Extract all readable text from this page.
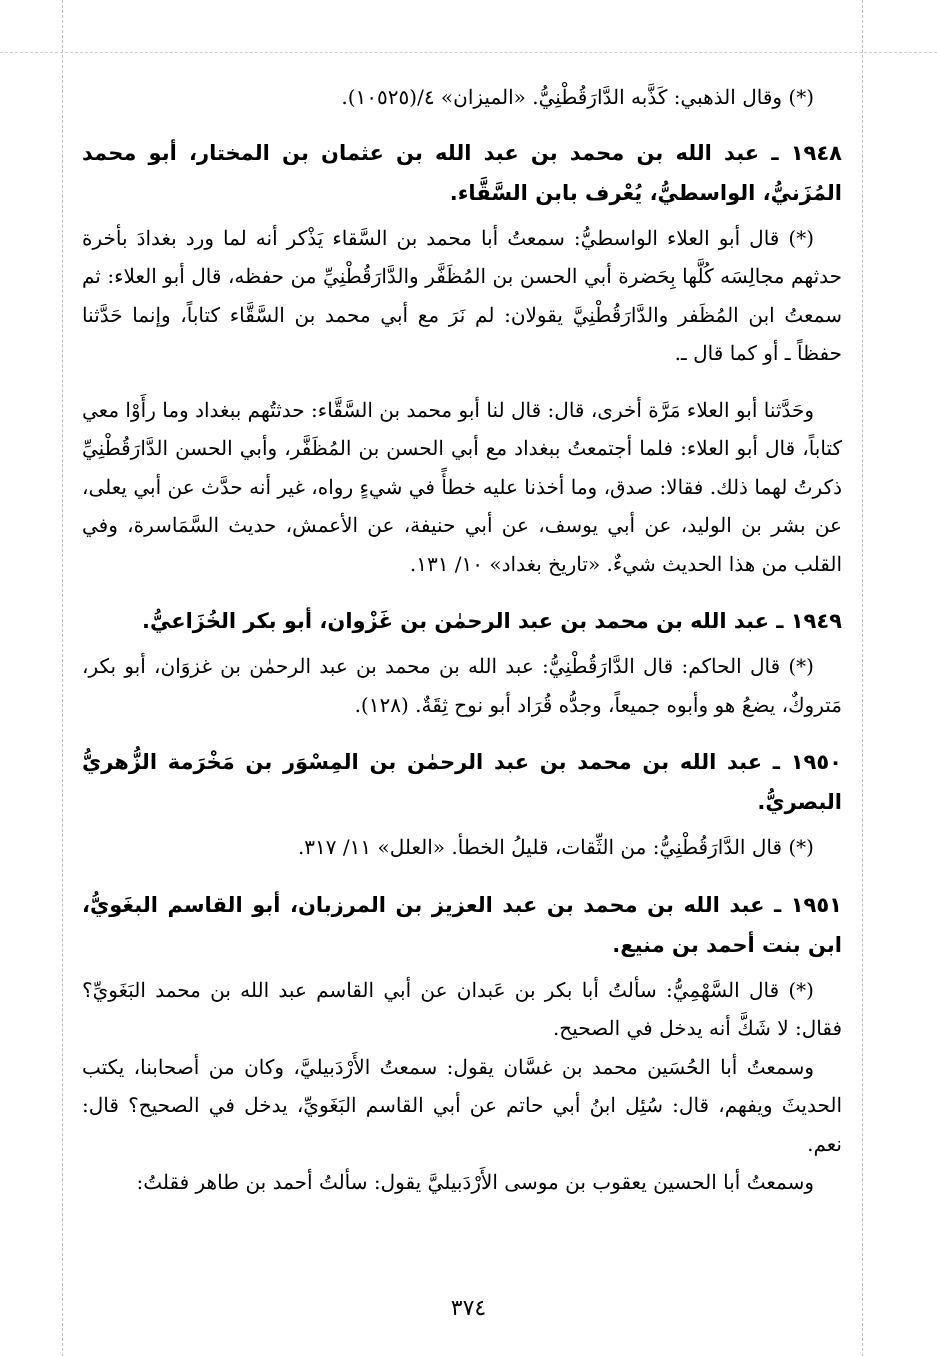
(*) وقال الذهبي: كَذَّبه الدَّارَقُطْنِيُّ. «الميزان» ٤/(١٠٥٢٥).

١٩٤٨ ـ عبد الله بن محمد بن عبد الله بن عثمان بن المختار، أبو محمد المُزَنيُّ، الواسطيُّ، يُعْرف بابن السَّقَّاء.

(*) قال أبو العلاء الواسطيُّ: سمعتُ أبا محمد بن السَّقاء يَذْكر أنه لما ورد بغدادَ بأخرة حدثهم مجالِسَه كُلَّها بِحَضرة أبي الحسن بن المُظَفَّر والدَّارَقُطْنِيِّ من حفظه، قال أبو العلاء: ثم سمعتُ ابن المُظَفر والدَّارَقُطْنِيَّ يقولان: لم نَرَ مع أبي محمد بن السَّقَّاء كتاباً، وإنما حَدَّثنا حفظاً ـ أو كما قال ـ.

وحَدَّثنا أبو العلاء مَرَّة أخرى، قال: قال لنا أبو محمد بن السَّقَّاء: حدثتُهم ببغداد وما رأَوْا معي كتاباً، قال أبو العلاء: فلما أجتمعتُ ببغداد مع أبي الحسن بن المُظَفَّر، وأبي الحسن الدَّارَقُطْنِيِّ ذكرتُ لهما ذلك. فقالا: صدق، وما أخذنا عليه خطأً في شيءٍ رواه، غير أنه حدَّث عن أبي يعلى، عن بشر بن الوليد، عن أبي يوسف، عن أبي حنيفة، عن الأعمش، حديث السَّمَاسرة، وفي القلب من هذا الحديث شيءٌ. «تاريخ بغداد» ١٠/ ١٣١.

١٩٤٩ ـ عبد الله بن محمد بن عبد الرحمٰن بن غَزْوان، أبو بكر الخُزَاعيُّ.

(*) قال الحاكم: قال الدَّارَقُطْنِيُّ: عبد الله بن محمد بن عبد الرحمٰن بن غزوَان، أبو بكر، مَتروكٌ، يضعُ هو وأبوه جميعاً، وجدُّه قُرَاد أبو نوح ثِقَةٌ. (١٢٨).

١٩٥٠ ـ عبد الله بن محمد بن عبد الرحمٰن بن المِسْوَر بن مَخْرَمة الزُّهريُّ البصريُّ.

(*) قال الدَّارَقُطْنِيُّ: من الثِّقات، قليلُ الخطأ. «العلل» ١١/ ٣١٧.

١٩٥١ ـ عبد الله بن محمد بن عبد العزيز بن المرزبان، أبو القاسم البغَويُّ، ابن بنت أحمد بن منيع.

(*) قال السَّهْمِيُّ: سألتُ أبا بكر بن عَبدان عن أبي القاسم عبد الله بن محمد البَغَويِّ؟ فقال: لا شَكَّ أنه يدخل في الصحيح.

وسمعتُ أبا الحُسَين محمد بن غسَّان يقول: سمعتُ الأَرْدَبيليَّ، وكان من أصحابنا، يكتب الحديثَ ويفهم، قال: سُئِل ابنُ أبي حاتم عن أبي القاسم البَغَويِّ، يدخل في الصحيح؟ قال: نعم.

وسمعتُ أبا الحسين يعقوب بن موسى الأَرْدَبيليَّ يقول: سألتُ أحمد بن طاهر فقلتُ:

٣٧٤
